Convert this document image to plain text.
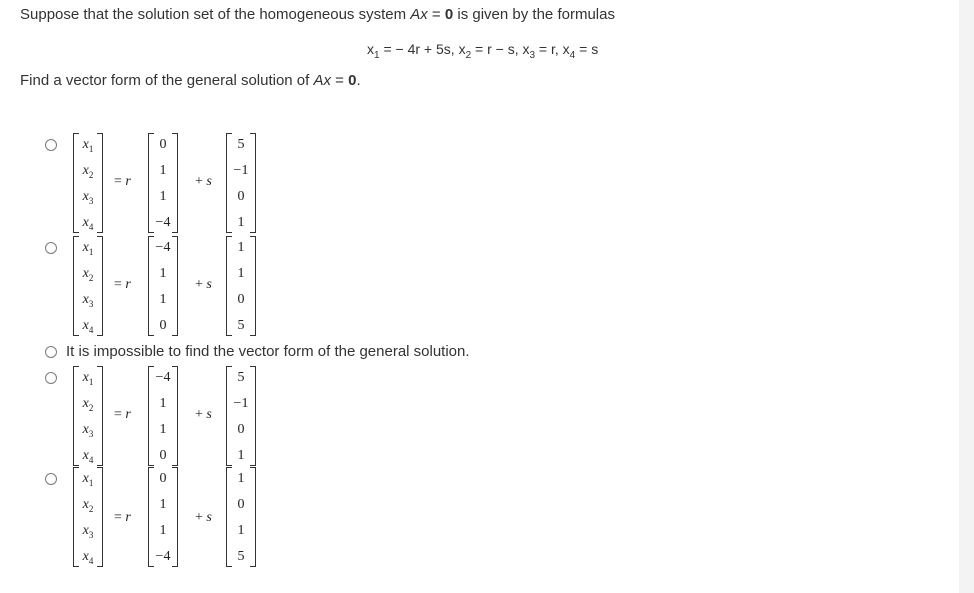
Suppose that the solution set of the homogeneous system Ax = 0 is given by the formulas
$x_1$ = − 4r + 5s, $x_2 = r - s$, $x_3 = r$, $x_4 = s$
Find a vector form of the general solution of Ax = 0.
$x_1$
$x_2$
$x_3$
$x_4$
= r
0
1
1
−4
+ s
5
−1
0
1
$x_1$
$x_2$
$x_3$
$x_4$
= r
−4
1
1
0
+ s
1
1
0
5
It is impossible to find the vector form of the general solution.
$x_1$
$x_2$
$x_3$
$x_4$
= r
−4
1
1
0
+ s
5
−1
0
1
$x_1$
$x_2$
$x_3$
$x_4$
= r
0
1
1
−4
+ s
1
0
1
5
